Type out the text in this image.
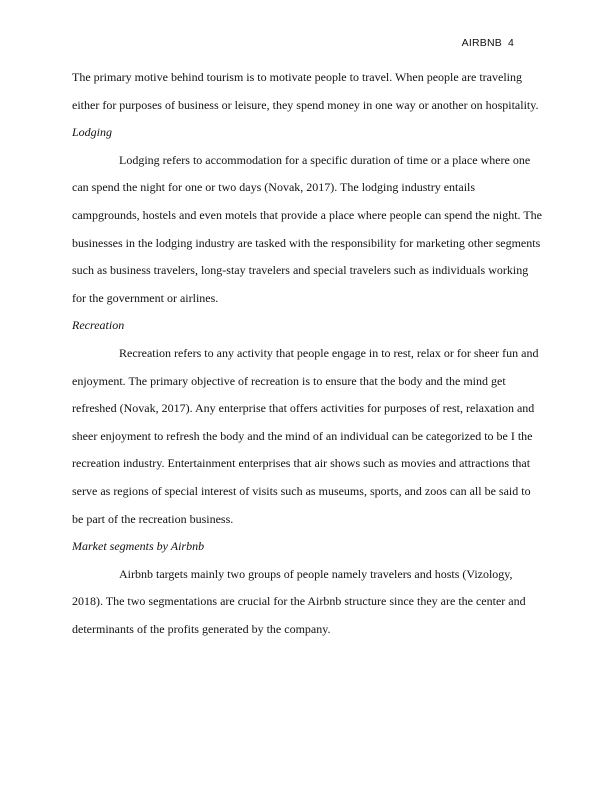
AIRBNB 4

The primary motive behind tourism is to motivate people to travel. When people are traveling either for purposes of business or leisure, they spend money in one way or another on hospitality.

Lodging

Lodging refers to accommodation for a specific duration of time or a place where one can spend the night for one or two days (Novak, 2017). The lodging industry entails campgrounds, hostels and even motels that provide a place where people can spend the night. The businesses in the lodging industry are tasked with the responsibility for marketing other segments such as business travelers, long-stay travelers and special travelers such as individuals working for the government or airlines.

Recreation

Recreation refers to any activity that people engage in to rest, relax or for sheer fun and enjoyment. The primary objective of recreation is to ensure that the body and the mind get refreshed (Novak, 2017). Any enterprise that offers activities for purposes of rest, relaxation and sheer enjoyment to refresh the body and the mind of an individual can be categorized to be I the recreation industry. Entertainment enterprises that air shows such as movies and attractions that serve as regions of special interest of visits such as museums, sports, and zoos can all be said to be part of the recreation business.

Market segments by Airbnb

Airbnb targets mainly two groups of people namely travelers and hosts (Vizology, 2018). The two segmentations are crucial for the Airbnb structure since they are the center and determinants of the profits generated by the company.
